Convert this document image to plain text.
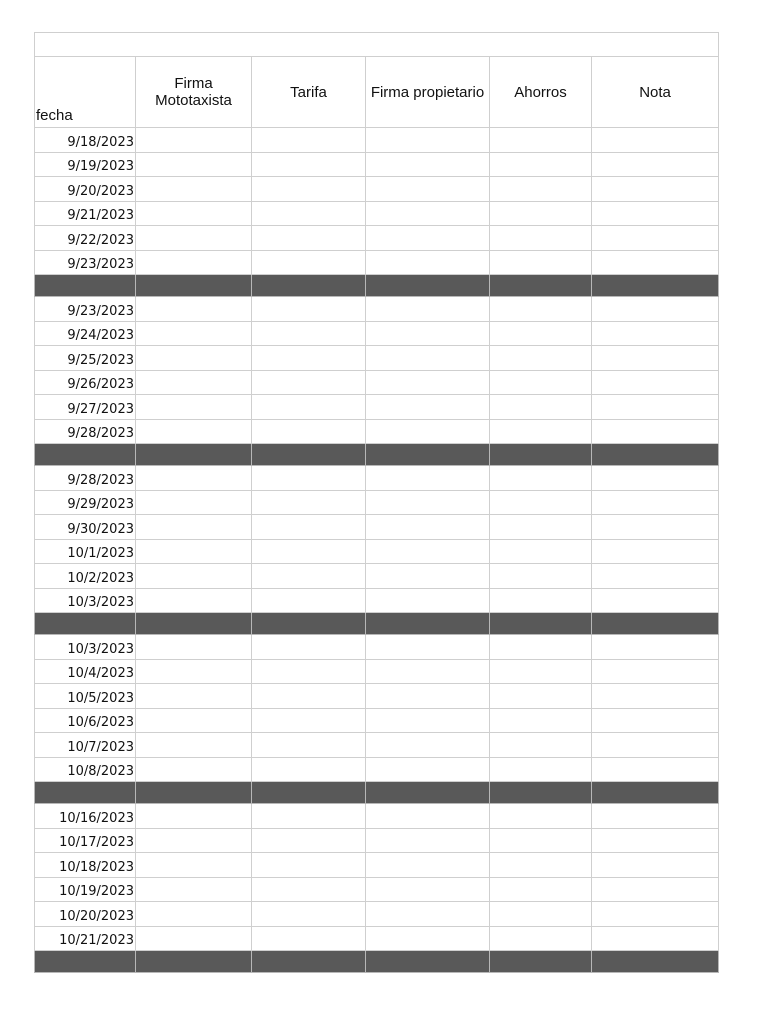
fecha	Firma Mototaxista	Tarifa	Firma propietario	Ahorros	Nota
9/18/2023					
9/19/2023					
9/20/2023					
9/21/2023					
9/22/2023					
9/23/2023					

9/23/2023					
9/24/2023					
9/25/2023					
9/26/2023					
9/27/2023					
9/28/2023					

9/28/2023					
9/29/2023					
9/30/2023					
10/1/2023					
10/2/2023					
10/3/2023					

10/3/2023					
10/4/2023					
10/5/2023					
10/6/2023					
10/7/2023					
10/8/2023					

10/16/2023					
10/17/2023					
10/18/2023					
10/19/2023					
10/20/2023					
10/21/2023					
